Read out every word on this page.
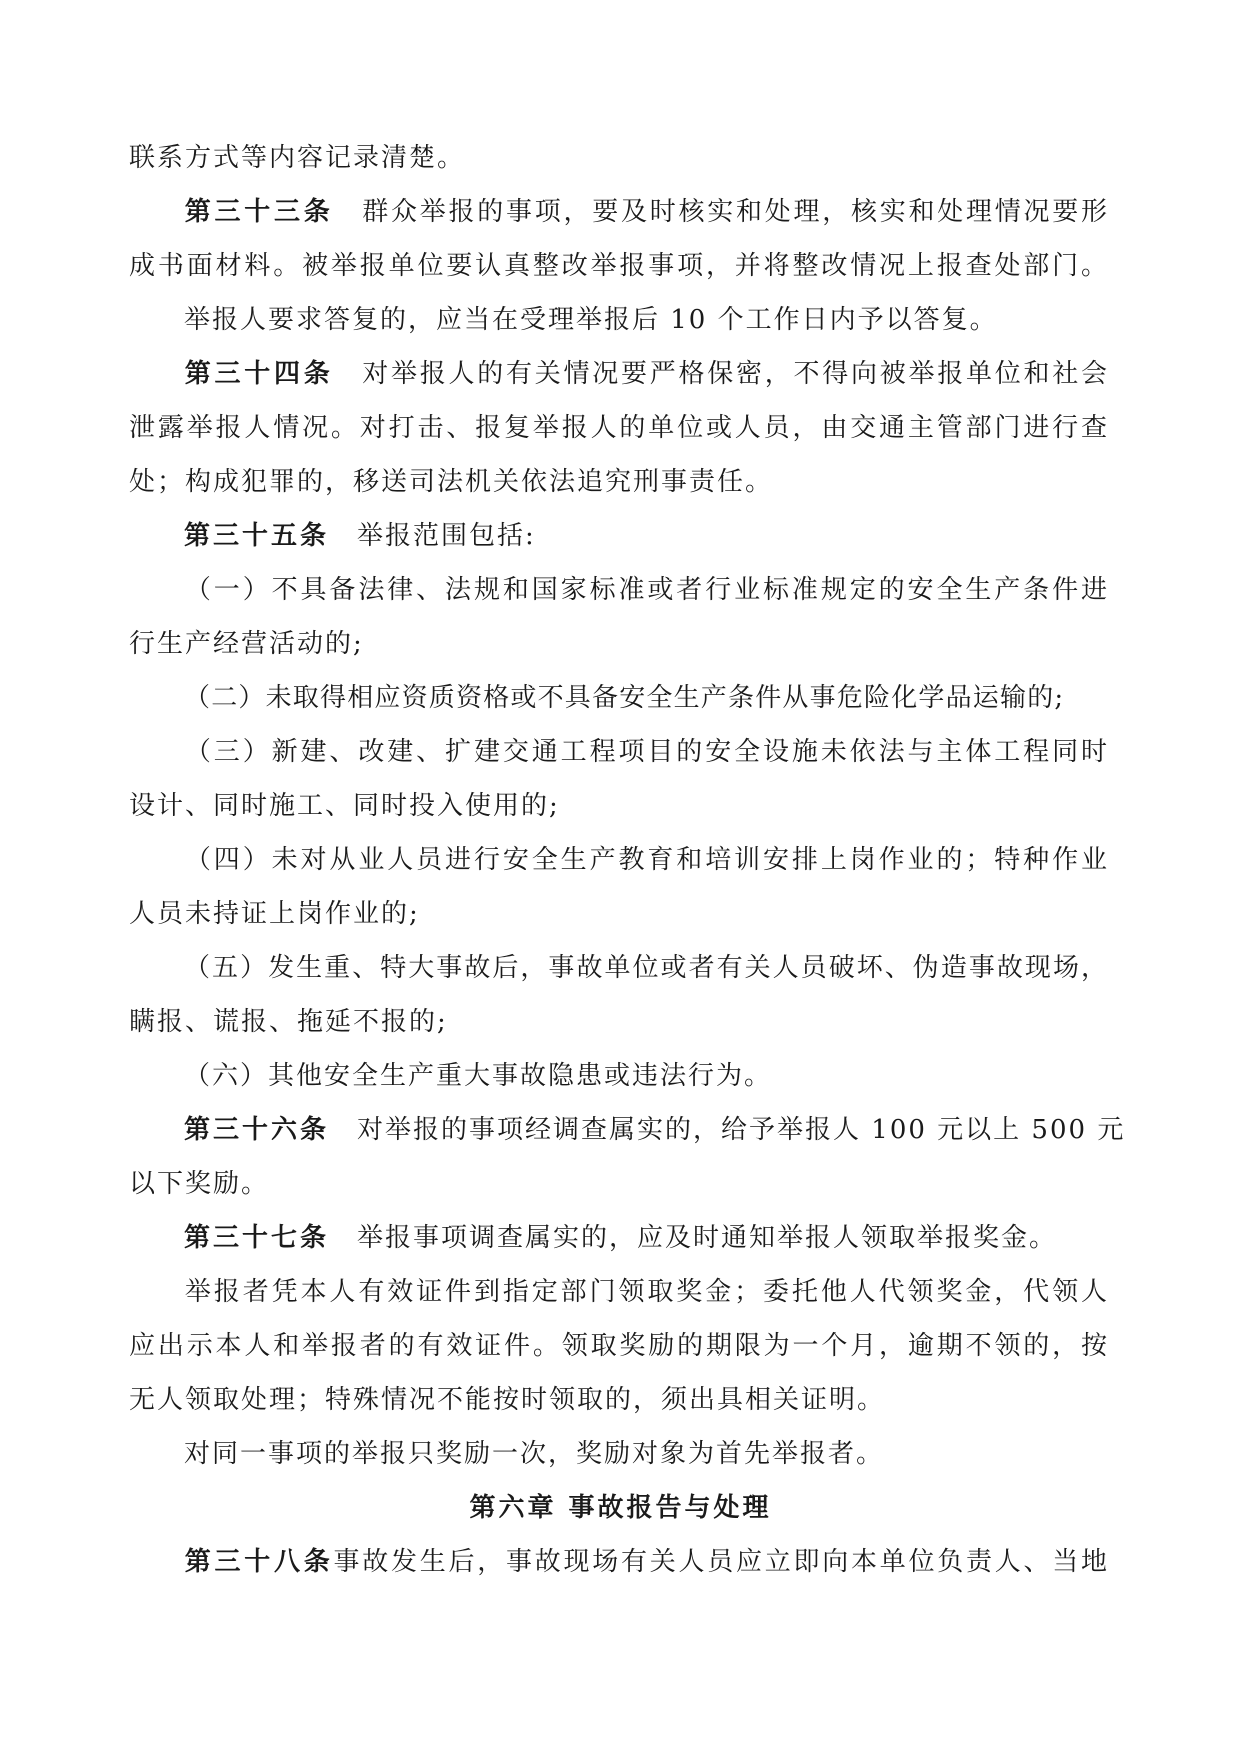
联系方式等内容记录清楚。
第三十三条 群众举报的事项，要及时核实和处理，核实和处理情况要形
成书面材料。被举报单位要认真整改举报事项，并将整改情况上报查处部门。
举报人要求答复的，应当在受理举报后 10 个工作日内予以答复。
第三十四条 对举报人的有关情况要严格保密，不得向被举报单位和社会
泄露举报人情况。对打击、报复举报人的单位或人员，由交通主管部门进行查
处；构成犯罪的，移送司法机关依法追究刑事责任。
第三十五条 举报范围包括:
（一）不具备法律、法规和国家标准或者行业标准规定的安全生产条件进
行生产经营活动的;
（二）未取得相应资质资格或不具备安全生产条件从事危险化学品运输的;
（三）新建、改建、扩建交通工程项目的安全设施未依法与主体工程同时
设计、同时施工、同时投入使用的;
（四）未对从业人员进行安全生产教育和培训安排上岗作业的；特种作业
人员未持证上岗作业的;
（五）发生重、特大事故后，事故单位或者有关人员破坏、伪造事故现场，
瞒报、谎报、拖延不报的;
（六）其他安全生产重大事故隐患或违法行为。
第三十六条 对举报的事项经调查属实的，给予举报人 100 元以上 500 元
以下奖励。
第三十七条 举报事项调查属实的，应及时通知举报人领取举报奖金。
举报者凭本人有效证件到指定部门领取奖金；委托他人代领奖金，代领人
应出示本人和举报者的有效证件。领取奖励的期限为一个月，逾期不领的，按
无人领取处理；特殊情况不能按时领取的，须出具相关证明。
对同一事项的举报只奖励一次，奖励对象为首先举报者。
第六章 事故报告与处理
第三十八条事故发生后，事故现场有关人员应立即向本单位负责人、当地
